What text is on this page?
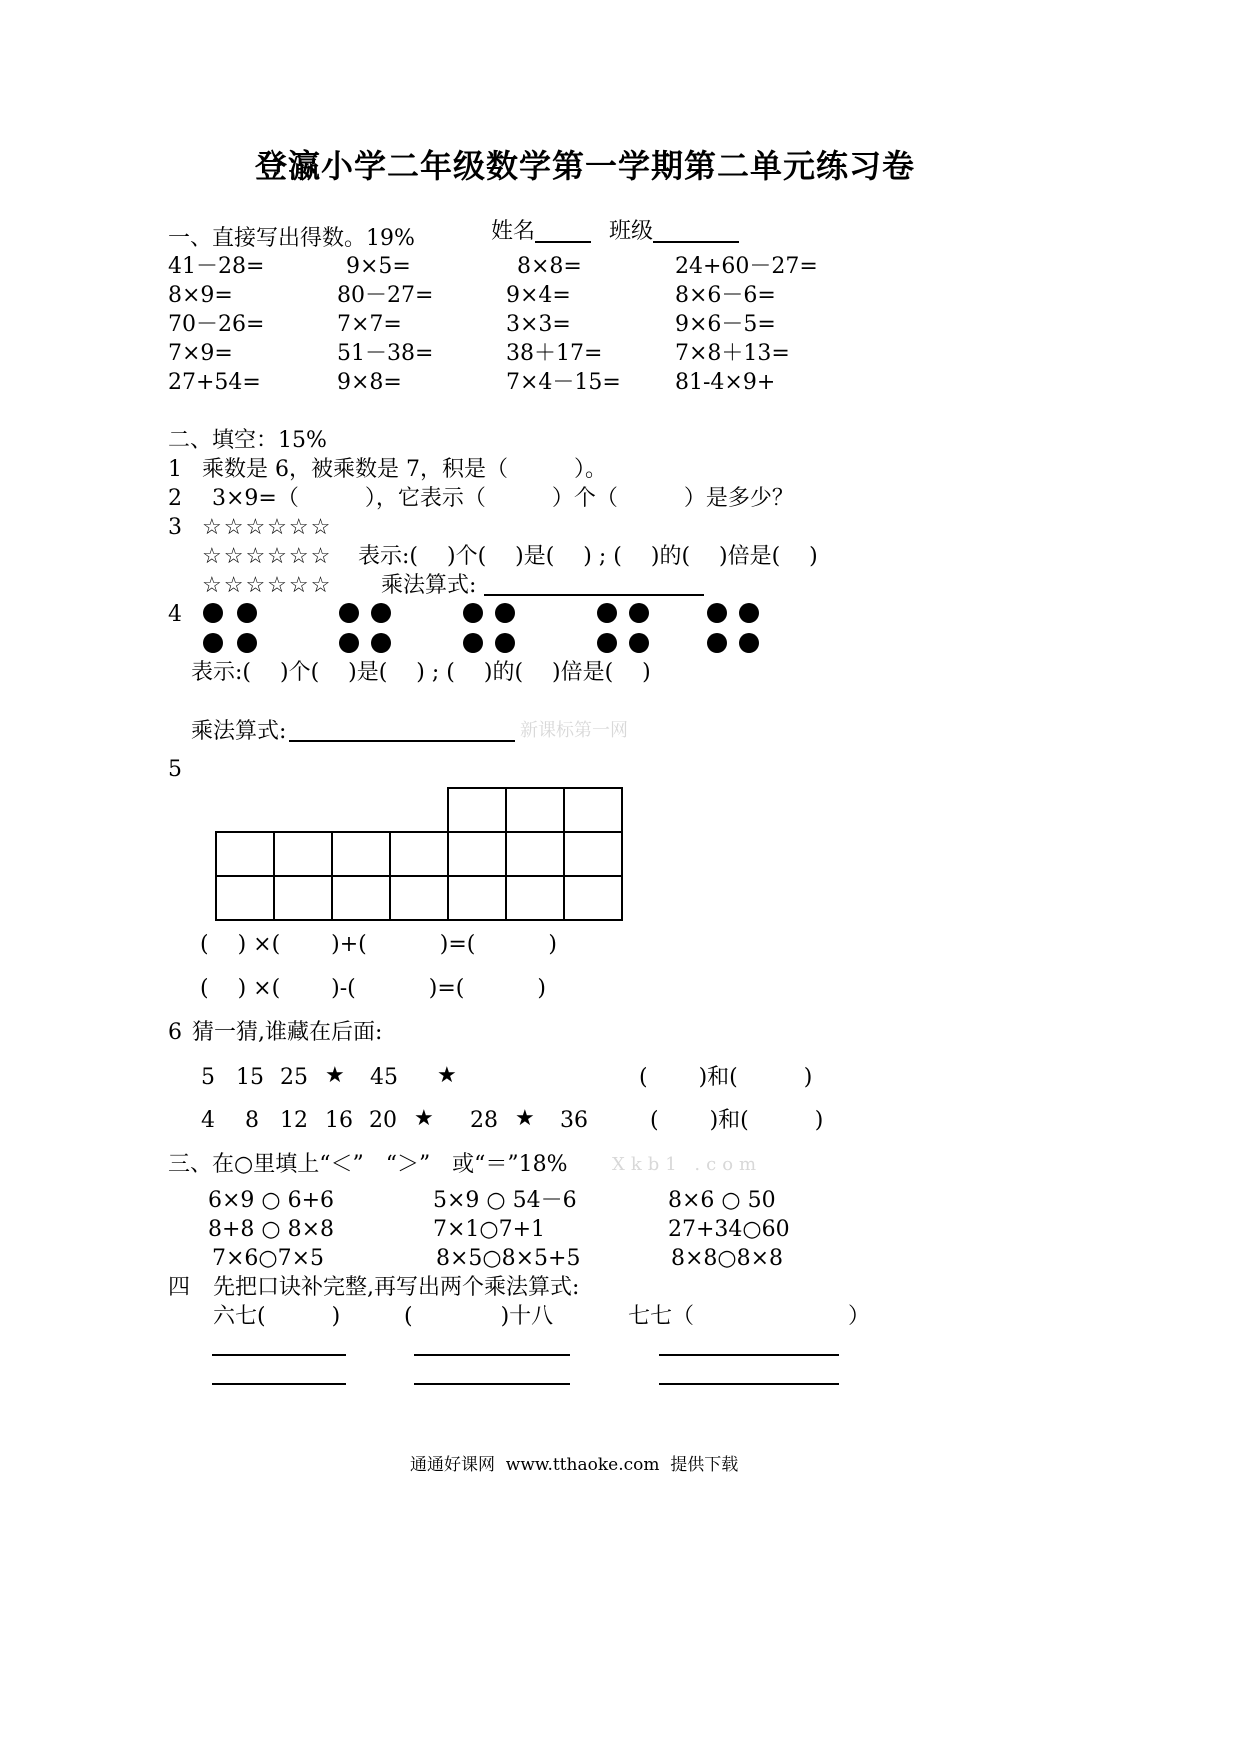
登瀛小学二年级数学第一学期第二单元练习卷

姓名	班级

一、直接写出得数。19%
41－28=	9×5=	8×8=	24+60－27=
8×9=	80－27=	9×4=	8×6－6=
70－26=	7×7=	3×3=	9×6－5=
7×9=	51－38=	38＋17=	7×8＋13=
27+54=	9×8=	7×4－15= 81-4×9+
二、填空：15%
1 乘数是 6，被乘数是 7，积是（　　　）。
2 3×9=（　　　），它表示（　　　）个（　　　）是多少？
3 ☆☆☆☆☆☆
☆☆☆☆☆☆ 表示:(　 )个(　 )是(　 ) ; (　 )的(　 )倍是(　 )
☆☆☆☆☆☆ 乘法算式:
4
表示:(　 )个(　 )是(　 ) ; (　 )的(　 )倍是(　 )
乘法算式:	新课标第一网
5
(　 ) ×(　 　)+(　　 　)=(　　 　)
(　 ) ×(　 　)-(　　 　)=(　　 　)
6 猜一猜,谁藏在后面:
5 15 25 ★ 45 ★	(　　 )和(　　　)
4 8 12 16 20 ★ 28 ★ 36	(　　 )和(　　　)
三、在○里填上“＜”　“＞”　或“＝”18% Xkb1 .com
6×9 ○ 6+6	5×9 ○ 54－6	8×6 ○ 50
8+8 ○ 8×8	7×1○7+1	27+34○60
7×6○7×5	8×5○8×5+5	8×8○8×8
四 先把口诀补完整,再写出两个乘法算式:
六七(　　　)	(　　　　)十八	七七（　　　　　　　）
通通好课网  www.tthaoke.com  提供下载
